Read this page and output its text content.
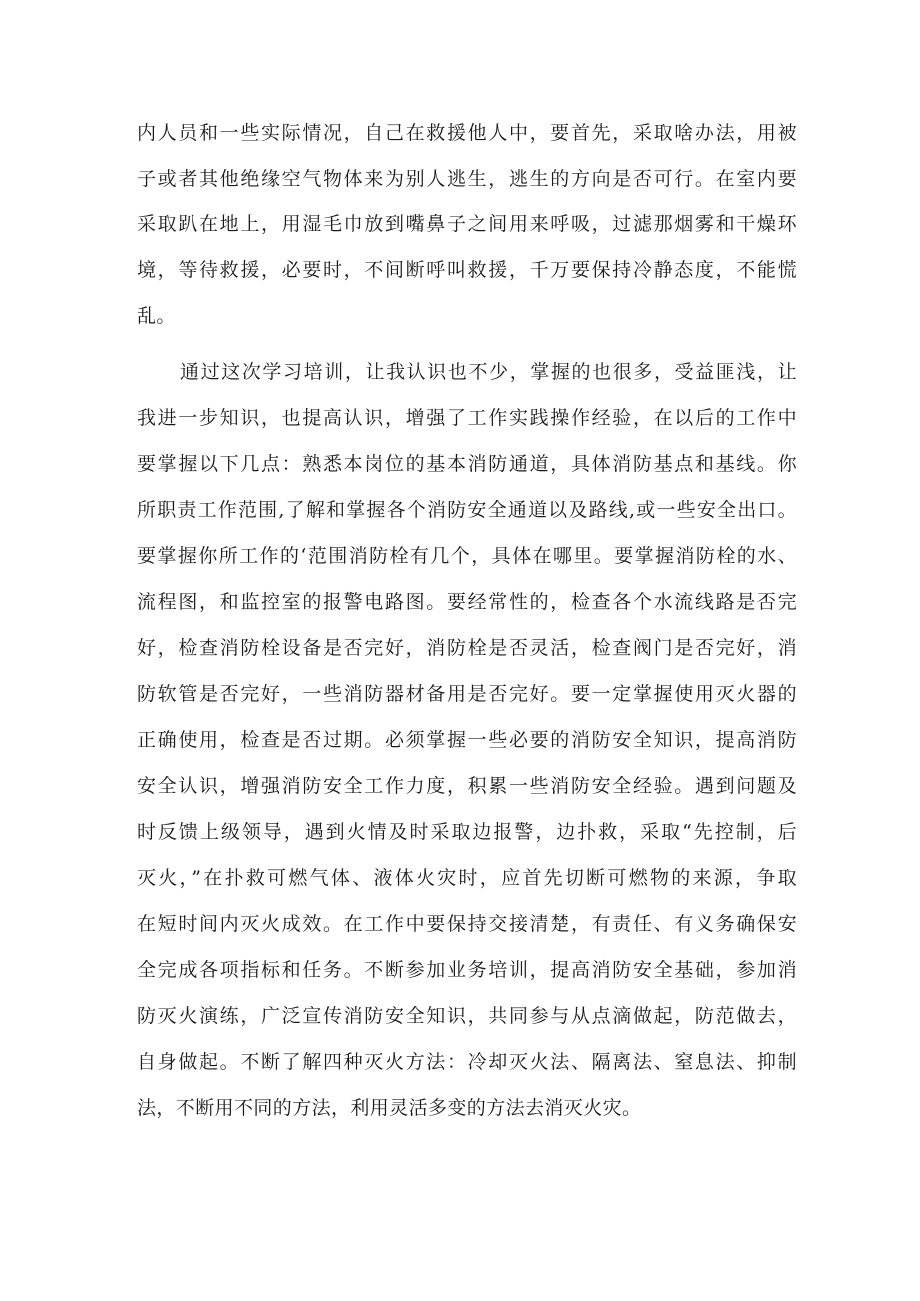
内人员和一些实际情况，自己在救援他人中，要首先，采取啥办法，用被
子或者其他绝缘空气物体来为别人逃生，逃生的方向是否可行。在室内要
采取趴在地上，用湿毛巾放到嘴鼻子之间用来呼吸，过滤那烟雾和干燥环
境，等待救援，必要时，不间断呼叫救援，千万要保持冷静态度，不能慌
乱。
通过这次学习培训，让我认识也不少，掌握的也很多，受益匪浅，让
我进一步知识，也提高认识，增强了工作实践操作经验，在以后的工作中
要掌握以下几点：熟悉本岗位的基本消防通道，具体消防基点和基线。你
所职责工作范围,了解和掌握各个消防安全通道以及路线,或一些安全出口。
要掌握你所工作的‘范围消防栓有几个，具体在哪里。要掌握消防栓的水、
流程图，和监控室的报警电路图。要经常性的，检查各个水流线路是否完
好，检查消防栓设备是否完好，消防栓是否灵活，检查阀门是否完好，消
防软管是否完好，一些消防器材备用是否完好。要一定掌握使用灭火器的
正确使用，检查是否过期。必须掌握一些必要的消防安全知识，提高消防
安全认识，增强消防安全工作力度，积累一些消防安全经验。遇到问题及
时反馈上级领导，遇到火情及时采取边报警，边扑救，采取“先控制，后
灭火，”在扑救可燃气体、液体火灾时，应首先切断可燃物的来源，争取
在短时间内灭火成效。在工作中要保持交接清楚，有责任、有义务确保安
全完成各项指标和任务。不断参加业务培训，提高消防安全基础，参加消
防灭火演练，广泛宣传消防安全知识，共同参与从点滴做起，防范做去，
自身做起。不断了解四种灭火方法：冷却灭火法、隔离法、窒息法、抑制
法，不断用不同的方法，利用灵活多变的方法去消灭火灾。
